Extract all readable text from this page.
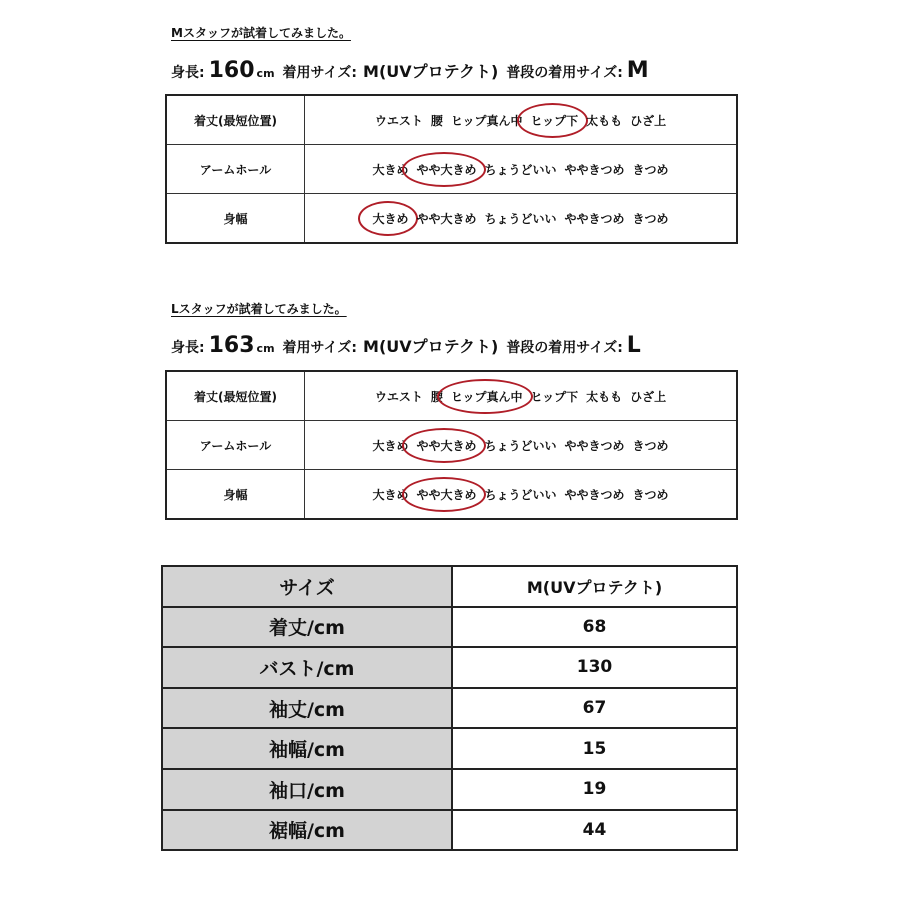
Mスタッフが試着してみました。
身長: 160 cm 着用サイズ: M(UVプロテクト) 普段の着用サイズ: M
着丈(最短位置)	ウエスト 腰 ヒップ真ん中 ヒップ下 太もも ひざ上
アームホール	大きめ やや大きめ ちょうどいい ややきつめ きつめ
身幅	大きめ やや大きめ ちょうどいい ややきつめ きつめ
Lスタッフが試着してみました。
身長: 163 cm 着用サイズ: M(UVプロテクト) 普段の着用サイズ: L
着丈(最短位置)	ウエスト 腰 ヒップ真ん中 ヒップ下 太もも ひざ上
アームホール	大きめ やや大きめ ちょうどいい ややきつめ きつめ
身幅	大きめ やや大きめ ちょうどいい ややきつめ きつめ
サイズ	M(UVプロテクト)
着丈/cm	68
バスト/cm	130
袖丈/cm	67
袖幅/cm	15
袖口/cm	19
裾幅/cm	44
